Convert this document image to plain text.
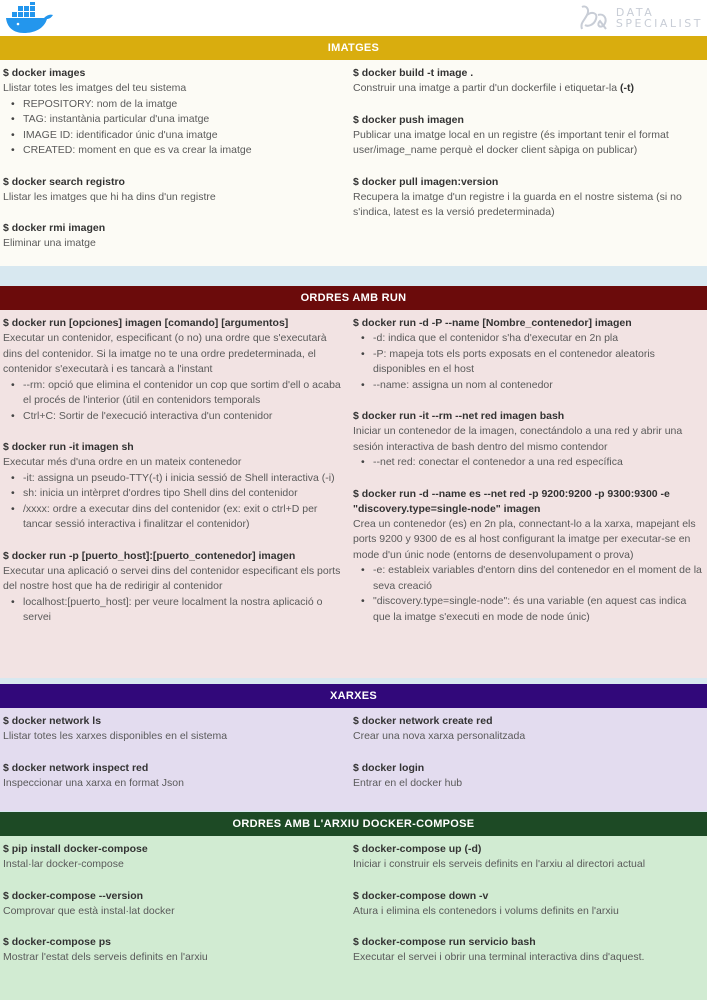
DATA
SPECIALIST
IMATGES
$ docker images
Llistar totes les imatges del teu sistema
• REPOSITORY: nom de la imatge
• TAG: instantània particular d'una imatge
• IMAGE ID: identificador únic d'una imatge
• CREATED: moment en que es va crear la imatge
$ docker search registro
Llistar les imatges que hi ha dins d'un registre
$ docker rmi imagen
Eliminar una imatge
$ docker build -t image .
Construir una imatge a partir d'un dockerfile i etiquetar-la (-t)
$ docker push imagen
Publicar una imatge local en un registre (és important tenir el format user/image_name perquè el docker client sàpiga on publicar)
$ docker pull imagen:version
Recupera la imatge d'un registre i la guarda en el nostre sistema (si no s'indica, latest es la versió predeterminada)
ORDRES AMB RUN
$ docker run [opciones] imagen [comando] [argumentos]
Executar un contenidor, especificant (o no) una ordre que s'executarà dins del contenidor. Si la imatge no te una ordre predeterminada, el contenidor s'executarà i es tancarà a l'instant
• --rm: opció que elimina el contenidor un cop que sortim d'ell o acaba el procés de l'interior (útil en contenidors temporals
• Ctrl+C: Sortir de l'execució interactiva d'un contenidor
$ docker run -it imagen sh
Executar més d'una ordre en un mateix contenedor
• -it: assigna un pseudo-TTY(-t) i inicia sessió de Shell interactiva (-i)
• sh: inicia un intèrpret d'ordres tipo Shell dins del contenidor
• /xxxx: ordre a executar dins del contenidor (ex: exit o ctrl+D per tancar sessió interactiva i finalitzar el contenidor)
$ docker run -p [puerto_host]:[puerto_contenedor] imagen
Executar una aplicació o servei dins del contenidor especificant els ports del nostre host que ha de redirigir al contenidor
• localhost:[puerto_host]: per veure localment la nostra aplicació o servei
$ docker run -d -P --name [Nombre_contenedor] imagen
• -d: indica que el contenidor s'ha d'executar en 2n pla
• -P: mapeja tots els ports exposats en el contenedor aleatoris disponibles en el host
• --name: assigna un nom al contenedor
$ docker run -it --rm --net red imagen bash
Iniciar un contenedor de la imagen, conectándolo a una red y abrir una sesión interactiva de bash dentro del mismo contendor
• --net red: conectar el contenedor a una red específica
$ docker run -d --name es --net red -p 9200:9200 -p 9300:9300 -e "discovery.type=single-node" imagen
Crea un contenedor (es) en 2n pla, connectant-lo a la xarxa, mapejant els ports 9200 y 9300 de es al host configurant la imatge per executar-se en mode d'un únic node (entorns de desenvolupament o prova)
• -e: estableix variables d'entorn dins del contenedor en el moment de la seva creació
• "discovery.type=single-node": és una variable (en aquest cas indica que la imatge s'executi en mode de node únic)
XARXES
$ docker network ls
Llistar totes les xarxes disponibles en el sistema
$ docker network inspect red
Inspeccionar una xarxa en format Json
$ docker network create red
Crear una nova xarxa personalitzada
$ docker login
Entrar en el docker hub
ORDRES AMB L'ARXIU DOCKER-COMPOSE
$ pip install docker-compose
Instal·lar docker-compose
$ docker-compose --version
Comprovar que està instal·lat docker
$ docker-compose ps
Mostrar l'estat dels serveis definits en l'arxiu
$ docker-compose up (-d)
Iniciar i construir els serveis definits en l'arxiu al directori actual
$ docker-compose down -v
Atura i elimina els contenedors i volums definits en l'arxiu
$ docker-compose run servicio bash
Executar el servei i obrir una terminal interactiva dins d'aquest.
